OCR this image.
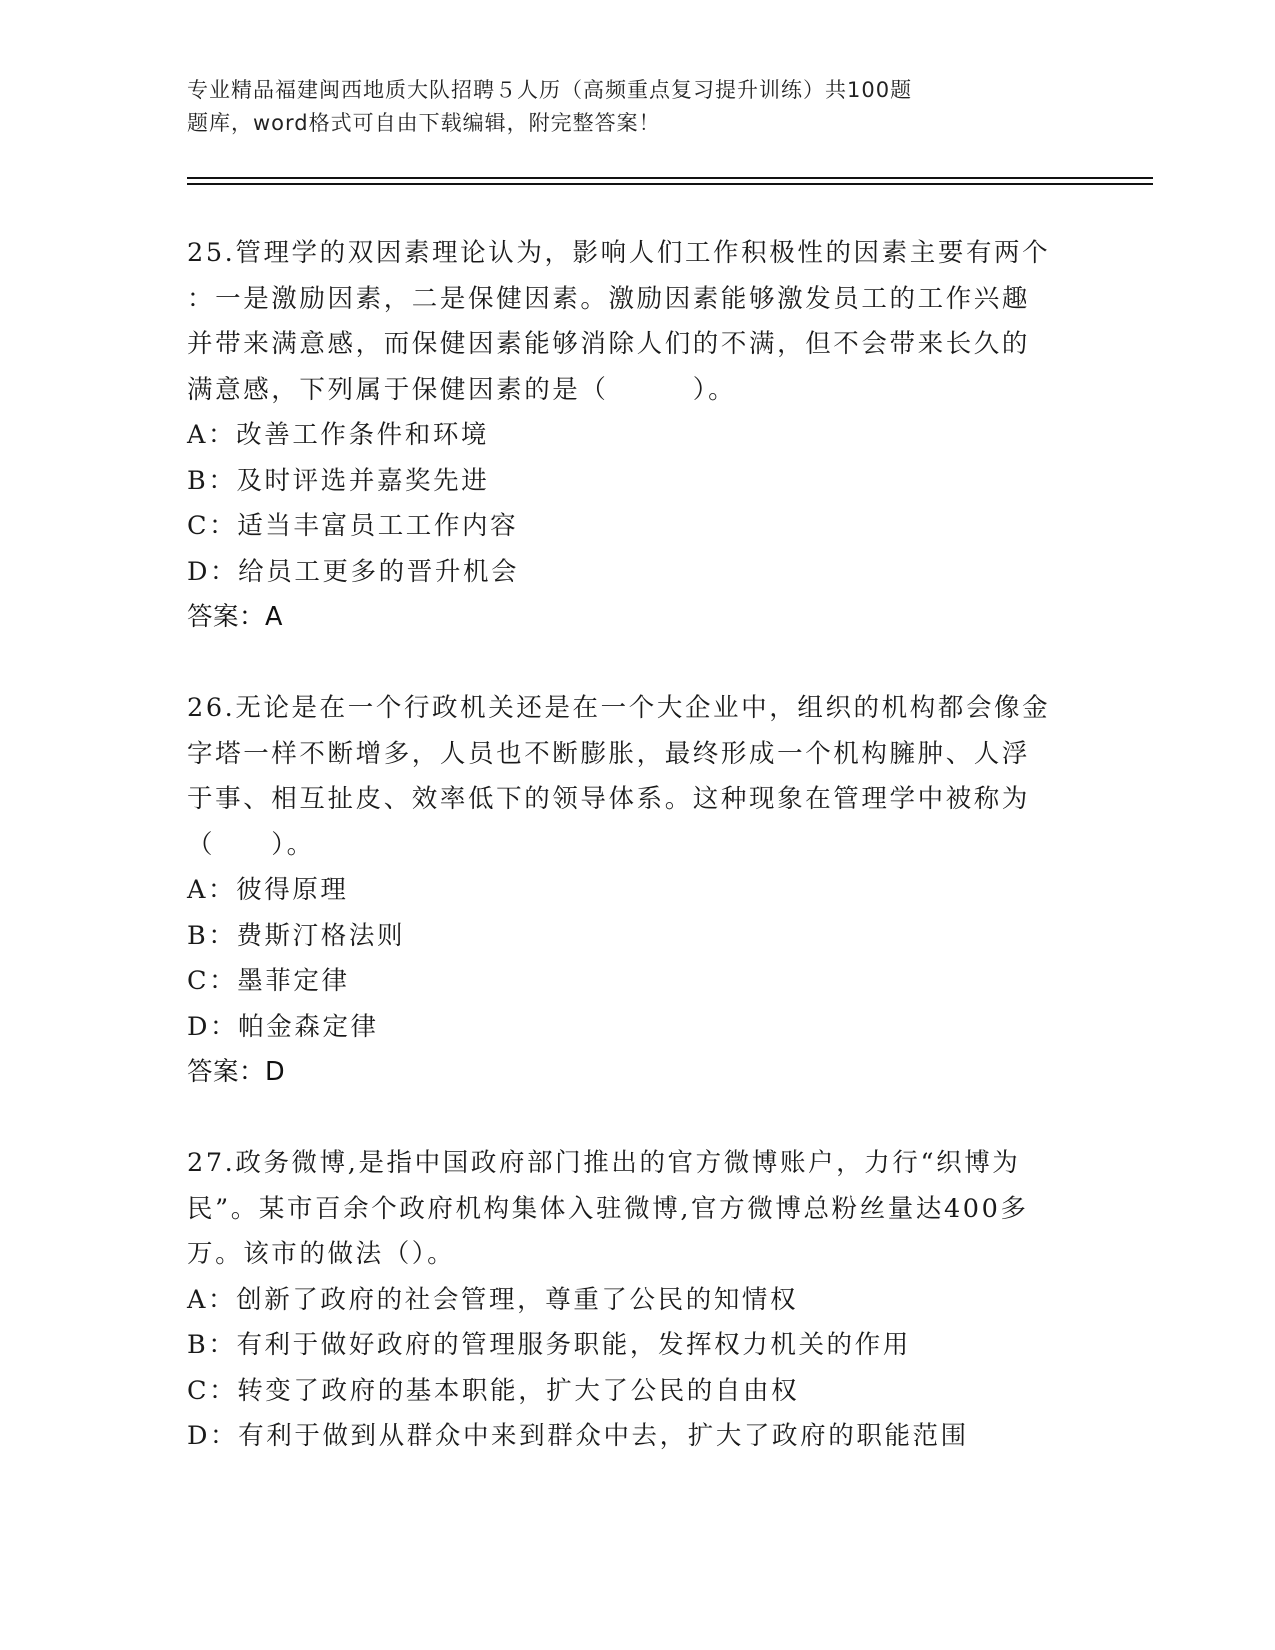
专业精品福建闽西地质大队招聘５人历（高频重点复习提升训练）共100题
题库，word格式可自由下载编辑，附完整答案！
25.管理学的双因素理论认为，影响人们工作积极性的因素主要有两个
：一是激励因素，二是保健因素。激励因素能够激发员工的工作兴趣
并带来满意感，而保健因素能够消除人们的不满，但不会带来长久的
满意感，下列属于保健因素的是（　　　）。
A：改善工作条件和环境
B：及时评选并嘉奖先进
C：适当丰富员工工作内容
D：给员工更多的晋升机会
答案：A
26.无论是在一个行政机关还是在一个大企业中，组织的机构都会像金
字塔一样不断增多，人员也不断膨胀，最终形成一个机构臃肿、人浮
于事、相互扯皮、效率低下的领导体系。这种现象在管理学中被称为
（　　）。
A：彼得原理
B：费斯汀格法则
C：墨菲定律
D：帕金森定律
答案：D
27.政务微博,是指中国政府部门推出的官方微博账户，力行“织博为
民”。某市百余个政府机构集体入驻微博,官方微博总粉丝量达400多
万。该市的做法（）。
A：创新了政府的社会管理，尊重了公民的知情权
B：有利于做好政府的管理服务职能，发挥权力机关的作用
C：转变了政府的基本职能，扩大了公民的自由权
D：有利于做到从群众中来到群众中去，扩大了政府的职能范围
